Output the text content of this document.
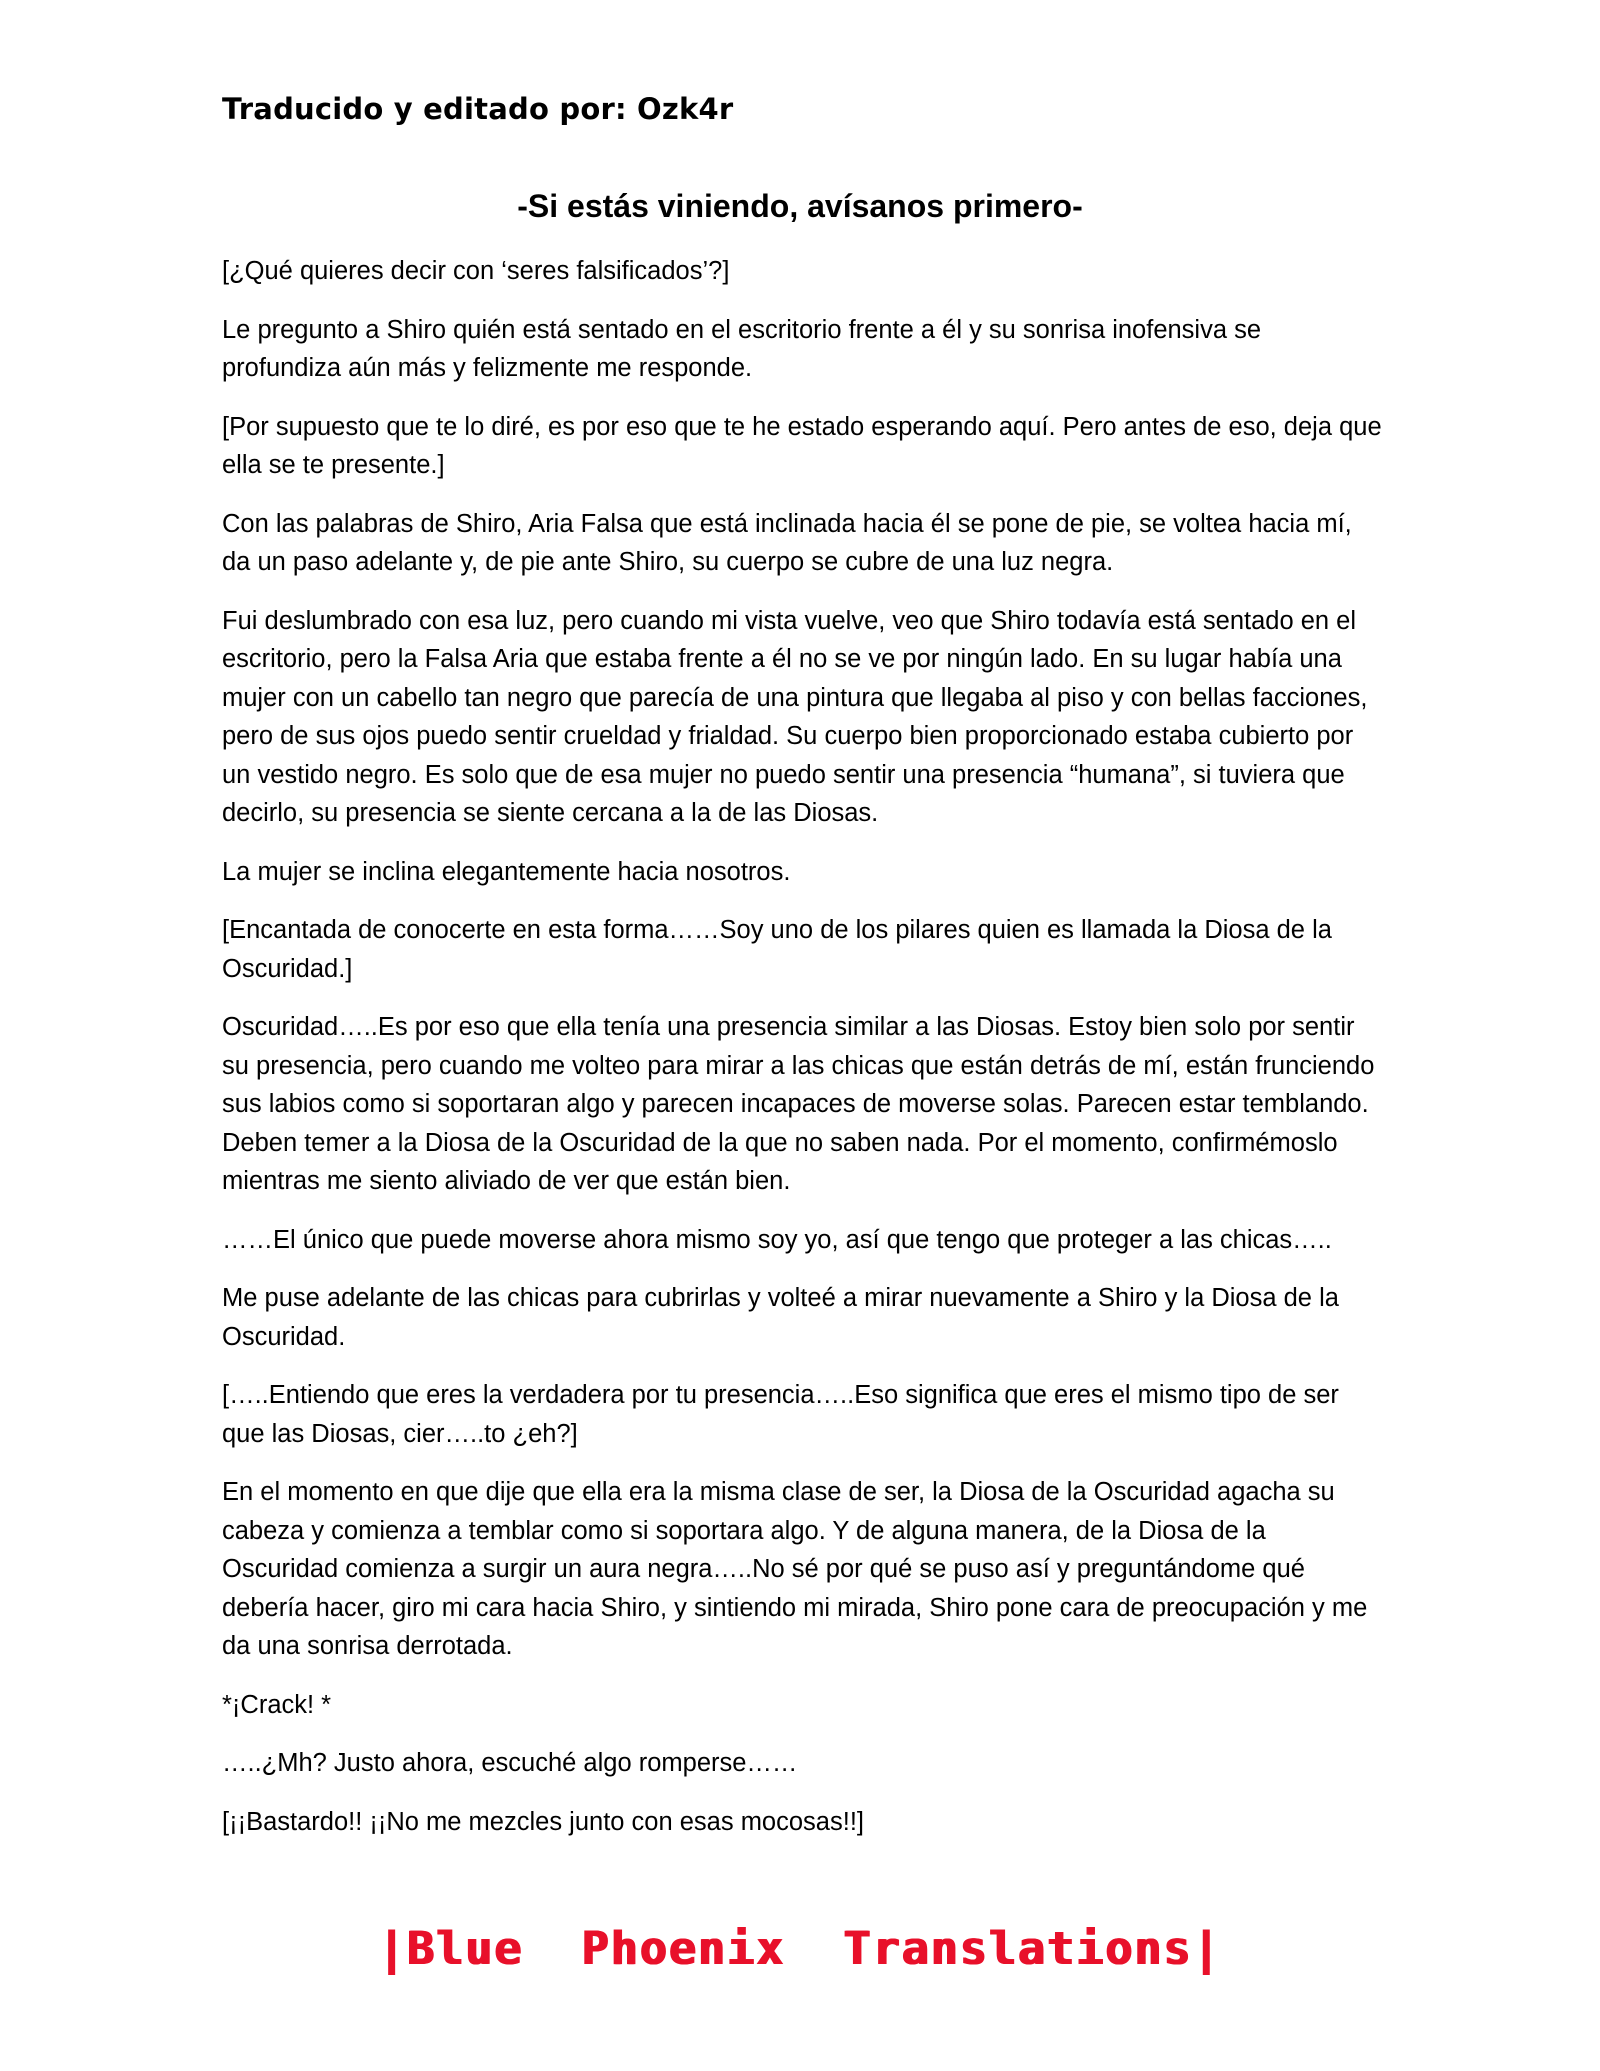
Traducido y editado por: Ozk4r
-Si estás viniendo, avísanos primero-

[¿Qué quieres decir con ‘seres falsificados’?]

Le pregunto a Shiro quién está sentado en el escritorio frente a él y su sonrisa inofensiva se profundiza aún más y felizmente me responde.

[Por supuesto que te lo diré, es por eso que te he estado esperando aquí. Pero antes de eso, deja que ella se te presente.]

Con las palabras de Shiro, Aria Falsa que está inclinada hacia él se pone de pie, se voltea hacia mí, da un paso adelante y, de pie ante Shiro, su cuerpo se cubre de una luz negra.

Fui deslumbrado con esa luz, pero cuando mi vista vuelve, veo que Shiro todavía está sentado en el escritorio, pero la Falsa Aria que estaba frente a él no se ve por ningún lado. En su lugar había una mujer con un cabello tan negro que parecía de una pintura que llegaba al piso y con bellas facciones, pero de sus ojos puedo sentir crueldad y frialdad. Su cuerpo bien proporcionado estaba cubierto por un vestido negro. Es solo que de esa mujer no puedo sentir una presencia “humana”, si tuviera que decirlo, su presencia se siente cercana a la de las Diosas.

La mujer se inclina elegantemente hacia nosotros.

[Encantada de conocerte en esta forma……Soy uno de los pilares quien es llamada la Diosa de la Oscuridad.]

Oscuridad…..Es por eso que ella tenía una presencia similar a las Diosas. Estoy bien solo por sentir su presencia, pero cuando me volteo para mirar a las chicas que están detrás de mí, están frunciendo sus labios como si soportaran algo y parecen incapaces de moverse solas. Parecen estar temblando. Deben temer a la Diosa de la Oscuridad de la que no saben nada. Por el momento, confirmémoslo mientras me siento aliviado de ver que están bien.

……El único que puede moverse ahora mismo soy yo, así que tengo que proteger a las chicas…..

Me puse adelante de las chicas para cubrirlas y volteé a mirar nuevamente a Shiro y la Diosa de la Oscuridad.

[…..Entiendo que eres la verdadera por tu presencia…..Eso significa que eres el mismo tipo de ser que las Diosas, cier…..to ¿eh?]

En el momento en que dije que ella era la misma clase de ser, la Diosa de la Oscuridad agacha su cabeza y comienza a temblar como si soportara algo. Y de alguna manera, de la Diosa de la Oscuridad comienza a surgir un aura negra…..No sé por qué se puso así y preguntándome qué debería hacer, giro mi cara hacia Shiro, y sintiendo mi mirada, Shiro pone cara de preocupación y me da una sonrisa derrotada.

*¡Crack! *

…..¿Mh? Justo ahora, escuché algo romperse……

[¡¡Bastardo!! ¡¡No me mezcles junto con esas mocosas!!]

|Blue  Phoenix  Translations|
